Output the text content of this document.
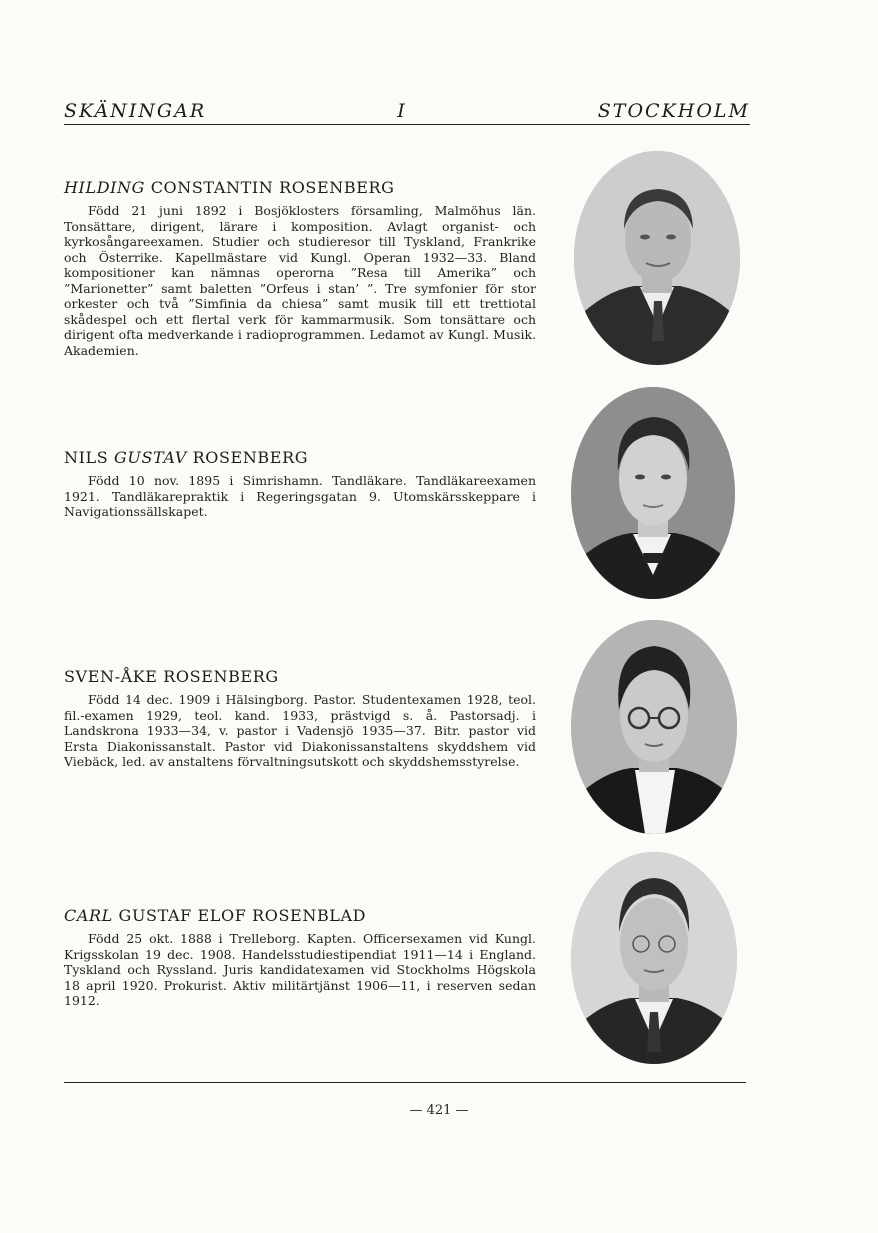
SKÄNINGAR I STOCKHOLM
HILDING CONSTANTIN ROSENBERG

Född 21 juni 1892 i Bosjöklosters församling, Malmöhus län. Tonsättare, dirigent, lärare i komposition. Avlagt organist- och kyrkosångareexamen. Studier och studieresor till Tyskland, Frankrike och Österrike. Kapellmästare vid Kungl. Operan 1932—33. Bland kompositioner kan nämnas operorna ”Resa till Amerika” och ”Marionetter” samt baletten ”Orfeus i stan’ ”. Tre symfonier för stor orkester och två ”Simfinia da chiesa” samt musik till ett trettiotal skådespel och ett flertal verk för kammarmusik. Som tonsättare och dirigent ofta medverkande i radioprogrammen. Ledamot av Kungl. Musik. Akademien.

NILS GUSTAV ROSENBERG

Född 10 nov. 1895 i Simrishamn. Tandläkare. Tandläkareexamen 1921. Tandläkarepraktik i Regeringsgatan 9. Utomskärsskeppare i Navigationssällskapet.

SVEN-ÅKE ROSENBERG

Född 14 dec. 1909 i Hälsingborg. Pastor. Studentexamen 1928, teol. fil.-examen 1929, teol. kand. 1933, prästvigd s. å. Pastorsadj. i Landskrona 1933—34, v. pastor i Vadensjö 1935—37. Bitr. pastor vid Ersta Diakonissanstalt. Pastor vid Diakonissanstaltens skyddshem vid Viebäck, led. av anstaltens förvaltningsutskott och skyddshemsstyrelse.

CARL GUSTAF ELOF ROSENBLAD

Född 25 okt. 1888 i Trelleborg. Kapten. Officersexamen vid Kungl. Krigsskolan 19 dec. 1908. Handelsstudiestipendiat 1911—14 i England. Tyskland och Ryssland. Juris kandidatexamen vid Stockholms Högskola 18 april 1920. Prokurist. Aktiv militärtjänst 1906—11, i reserven sedan 1912.

— 421 —
